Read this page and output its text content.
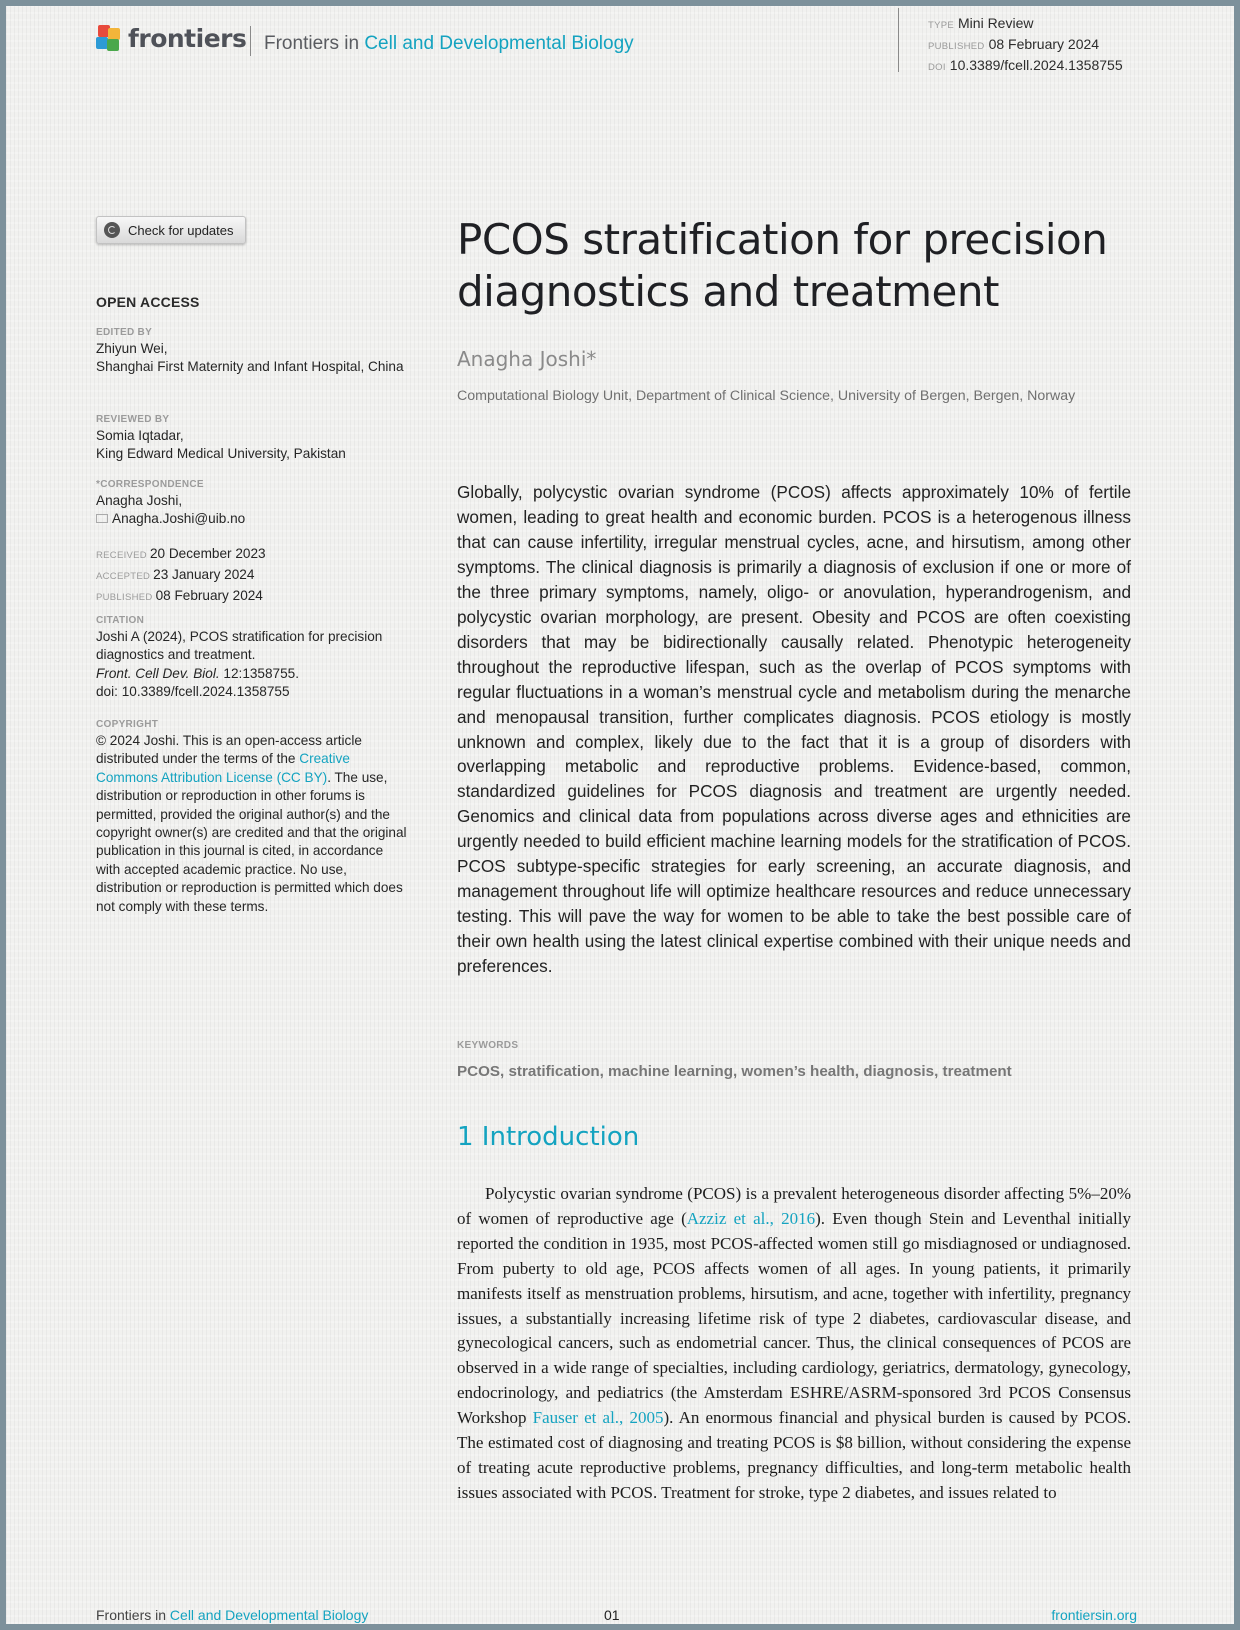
frontiers Frontiers in Cell and Developmental Biology
TYPE Mini Review
PUBLISHED 08 February 2024
DOI 10.3389/fcell.2024.1358755
Check for updates
OPEN ACCESS
EDITED BY
Zhiyun Wei,
Shanghai First Maternity and Infant Hospital, China
REVIEWED BY
Somia Iqtadar,
King Edward Medical University, Pakistan
*CORRESPONDENCE
Anagha Joshi,
Anagha.Joshi@uib.no
RECEIVED 20 December 2023
ACCEPTED 23 January 2024
PUBLISHED 08 February 2024
CITATION
Joshi A (2024), PCOS stratification for precision diagnostics and treatment.
Front. Cell Dev. Biol. 12:1358755.
doi: 10.3389/fcell.2024.1358755
COPYRIGHT
© 2024 Joshi. This is an open-access article distributed under the terms of the Creative Commons Attribution License (CC BY). The use, distribution or reproduction in other forums is permitted, provided the original author(s) and the copyright owner(s) are credited and that the original publication in this journal is cited, in accordance with accepted academic practice. No use, distribution or reproduction is permitted which does not comply with these terms.
PCOS stratification for precision diagnostics and treatment
Anagha Joshi*
Computational Biology Unit, Department of Clinical Science, University of Bergen, Bergen, Norway

Globally, polycystic ovarian syndrome (PCOS) affects approximately 10% of fertile women, leading to great health and economic burden. PCOS is a heterogenous illness that can cause infertility, irregular menstrual cycles, acne, and hirsutism, among other symptoms. The clinical diagnosis is primarily a diagnosis of exclusion if one or more of the three primary symptoms, namely, oligo- or anovulation, hyperandrogenism, and polycystic ovarian morphology, are present. Obesity and PCOS are often coexisting disorders that may be bidirectionally causally related. Phenotypic heterogeneity throughout the reproductive lifespan, such as the overlap of PCOS symptoms with regular fluctuations in a woman’s menstrual cycle and metabolism during the menarche and menopausal transition, further complicates diagnosis. PCOS etiology is mostly unknown and complex, likely due to the fact that it is a group of disorders with overlapping metabolic and reproductive problems. Evidence-based, common, standardized guidelines for PCOS diagnosis and treatment are urgently needed. Genomics and clinical data from populations across diverse ages and ethnicities are urgently needed to build efficient machine learning models for the stratification of PCOS. PCOS subtype-specific strategies for early screening, an accurate diagnosis, and management throughout life will optimize healthcare resources and reduce unnecessary testing. This will pave the way for women to be able to take the best possible care of their own health using the latest clinical expertise combined with their unique needs and preferences.

KEYWORDS
PCOS, stratification, machine learning, women’s health, diagnosis, treatment
1 Introduction

Polycystic ovarian syndrome (PCOS) is a prevalent heterogeneous disorder affecting 5%–20% of women of reproductive age (Azziz et al., 2016). Even though Stein and Leventhal initially reported the condition in 1935, most PCOS-affected women still go misdiagnosed or undiagnosed. From puberty to old age, PCOS affects women of all ages. In young patients, it primarily manifests itself as menstruation problems, hirsutism, and acne, together with infertility, pregnancy issues, a substantially increasing lifetime risk of type 2 diabetes, cardiovascular disease, and gynecological cancers, such as endometrial cancer. Thus, the clinical consequences of PCOS are observed in a wide range of specialties, including cardiology, geriatrics, dermatology, gynecology, endocrinology, and pediatrics (the Amsterdam ESHRE/ASRM-sponsored 3rd PCOS Consensus Workshop Fauser et al., 2005). An enormous financial and physical burden is caused by PCOS. The estimated cost of diagnosing and treating PCOS is $8 billion, without considering the expense of treating acute reproductive problems, pregnancy difficulties, and long-term metabolic health issues associated with PCOS. Treatment for stroke, type 2 diabetes, and issues related to

Frontiers in Cell and Developmental Biology	01	frontiersin.org
